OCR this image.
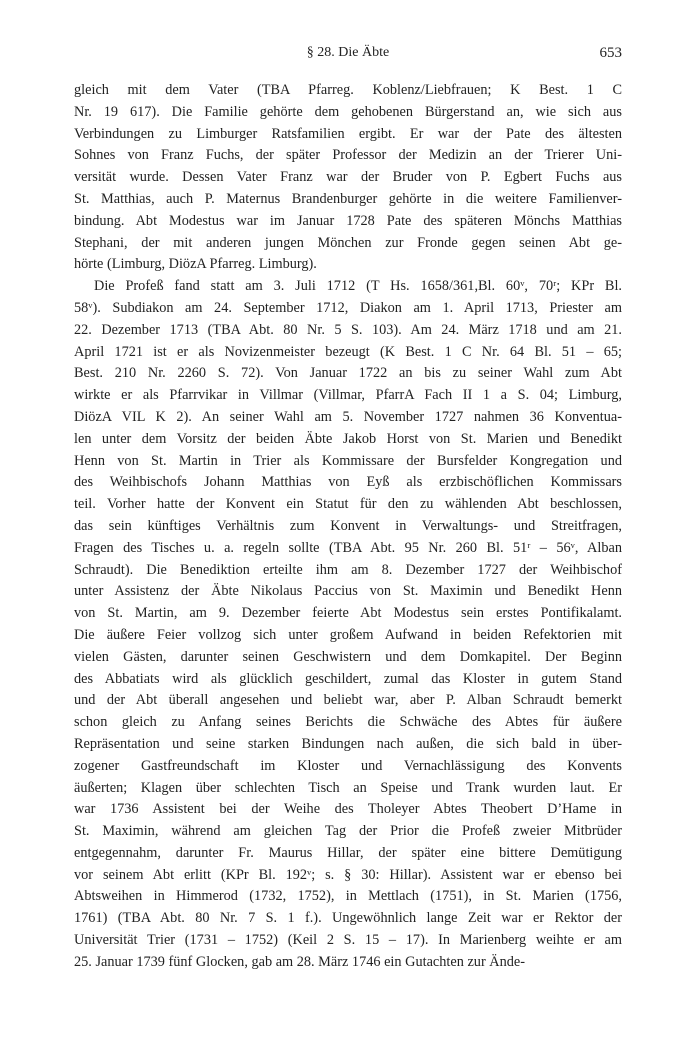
§ 28. Die Äbte	653
gleich mit dem Vater (TBA Pfarreg. Koblenz/Liebfrauen; K Best. 1 C
Nr. 19 617). Die Familie gehörte dem gehobenen Bürgerstand an, wie sich aus
Verbindungen zu Limburger Ratsfamilien ergibt. Er war der Pate des ältesten
Sohnes von Franz Fuchs, der später Professor der Medizin an der Trierer Uni-
versität wurde. Dessen Vater Franz war der Bruder von P. Egbert Fuchs aus
St. Matthias, auch P. Maternus Brandenburger gehörte in die weitere Familienver-
bindung. Abt Modestus war im Januar 1728 Pate des späteren Mönchs Matthias
Stephani, der mit anderen jungen Mönchen zur Fronde gegen seinen Abt ge-
hörte (Limburg, DiözA Pfarreg. Limburg).
Die Profeß fand statt am 3. Juli 1712 (T Hs. 1658/361,Bl. 60ᵛ, 70ʳ; KPr Bl.
58ᵛ). Subdiakon am 24. September 1712, Diakon am 1. April 1713, Priester am
22. Dezember 1713 (TBA Abt. 80 Nr. 5 S. 103). Am 24. März 1718 und am 21.
April 1721 ist er als Novizenmeister bezeugt (K Best. 1 C Nr. 64 Bl. 51 – 65;
Best. 210 Nr. 2260 S. 72). Von Januar 1722 an bis zu seiner Wahl zum Abt
wirkte er als Pfarrvikar in Villmar (Villmar, PfarrA Fach II 1 a S. 04; Limburg,
DiözA VIL K 2). An seiner Wahl am 5. November 1727 nahmen 36 Konventua-
len unter dem Vorsitz der beiden Äbte Jakob Horst von St. Marien und Benedikt
Henn von St. Martin in Trier als Kommissare der Bursfelder Kongregation und
des Weihbischofs Johann Matthias von Eyß als erzbischöflichen Kommissars
teil. Vorher hatte der Konvent ein Statut für den zu wählenden Abt beschlossen,
das sein künftiges Verhältnis zum Konvent in Verwaltungs- und Streitfragen,
Fragen des Tisches u. a. regeln sollte (TBA Abt. 95 Nr. 260 Bl. 51ʳ – 56ᵛ, Alban
Schraudt). Die Benediktion erteilte ihm am 8. Dezember 1727 der Weihbischof
unter Assistenz der Äbte Nikolaus Paccius von St. Maximin und Benedikt Henn
von St. Martin, am 9. Dezember feierte Abt Modestus sein erstes Pontifikalamt.
Die äußere Feier vollzog sich unter großem Aufwand in beiden Refektorien mit
vielen Gästen, darunter seinen Geschwistern und dem Domkapitel. Der Beginn
des Abbatiats wird als glücklich geschildert, zumal das Kloster in gutem Stand
und der Abt überall angesehen und beliebt war, aber P. Alban Schraudt bemerkt
schon gleich zu Anfang seines Berichts die Schwäche des Abtes für äußere
Repräsentation und seine starken Bindungen nach außen, die sich bald in über-
zogener Gastfreundschaft im Kloster und Vernachlässigung des Konvents
äußerten; Klagen über schlechten Tisch an Speise und Trank wurden laut. Er
war 1736 Assistent bei der Weihe des Tholeyer Abtes Theobert D’Hame in
St. Maximin, während am gleichen Tag der Prior die Profeß zweier Mitbrüder
entgegennahm, darunter Fr. Maurus Hillar, der später eine bittere Demütigung
vor seinem Abt erlitt (KPr Bl. 192ᵛ; s. § 30: Hillar). Assistent war er ebenso bei
Abtsweihen in Himmerod (1732, 1752), in Mettlach (1751), in St. Marien (1756,
1761) (TBA Abt. 80 Nr. 7 S. 1 f.). Ungewöhnlich lange Zeit war er Rektor der
Universität Trier (1731 – 1752) (Keil 2 S. 15 – 17). In Marienberg weihte er am
25. Januar 1739 fünf Glocken, gab am 28. März 1746 ein Gutachten zur Ände-
